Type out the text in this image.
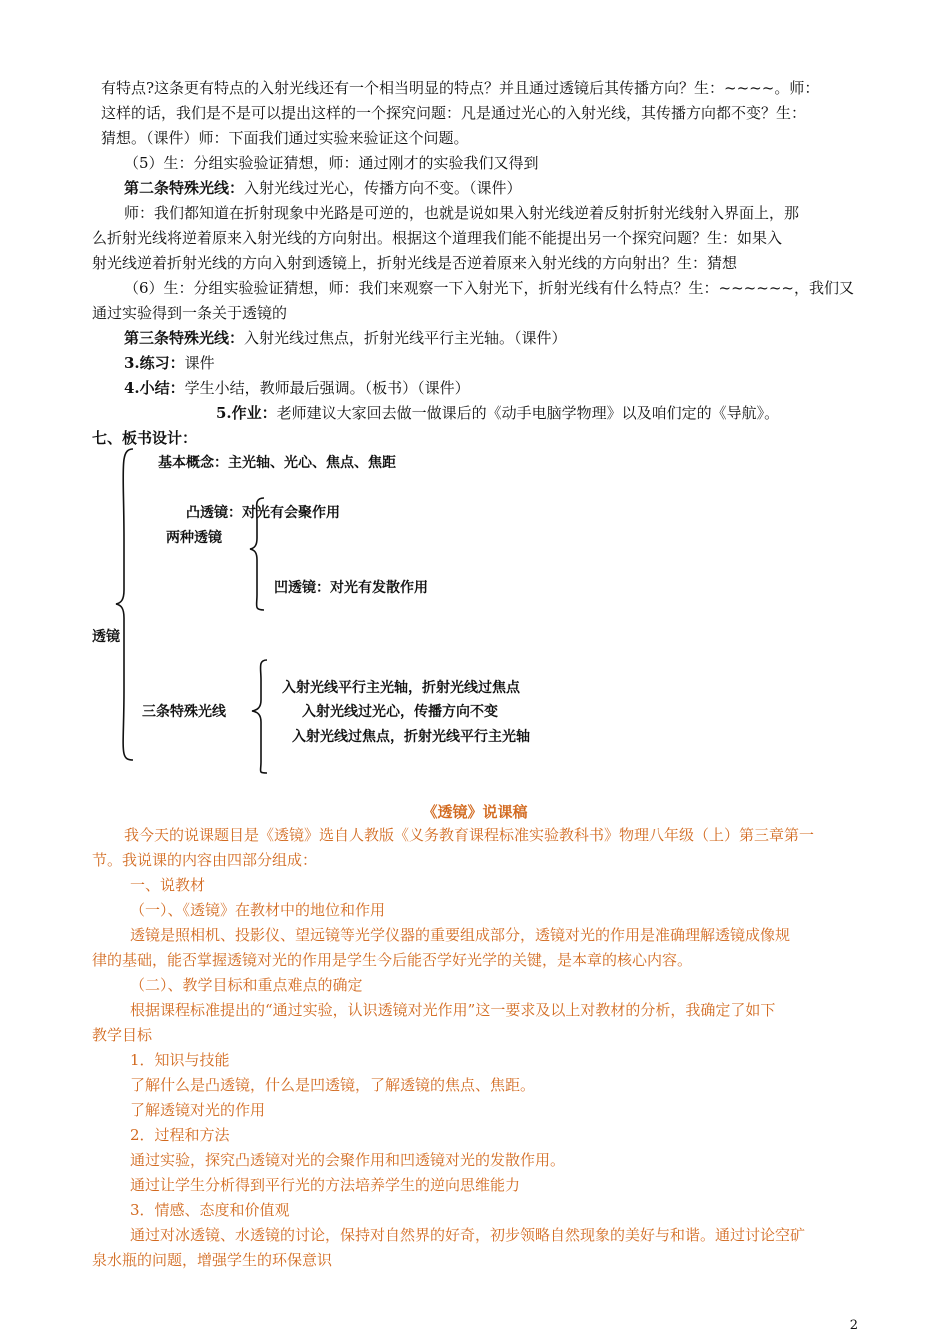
有特点?这条更有特点的入射光线还有一个相当明显的特点？并且通过透镜后其传播方向？生：~~~~。师：
这样的话，我们是不是可以提出这样的一个探究问题：凡是通过光心的入射光线，其传播方向都不变？生：
猜想。（课件）师：下面我们通过实验来验证这个问题。
（5）生：分组实验验证猜想，师：通过刚才的实验我们又得到
第二条特殊光线：入射光线过光心，传播方向不变。（课件）
师：我们都知道在折射现象中光路是可逆的，也就是说如果入射光线逆着反射折射光线射入界面上，那
么折射光线将逆着原来入射光线的方向射出。根据这个道理我们能不能提出另一个探究问题？生：如果入
射光线逆着折射光线的方向入射到透镜上，折射光线是否逆着原来入射光线的方向射出？生：猜想
（6）生：分组实验验证猜想，师：我们来观察一下入射光下，折射光线有什么特点？生：~~~~~~，我们又
通过实验得到一条关于透镜的
第三条特殊光线：入射光线过焦点，折射光线平行主光轴。（课件）
3.练习：课件
4.小结：学生小结，教师最后强调。（板书）（课件）
5.作业：老师建议大家回去做一做课后的《动手电脑学物理》以及咱们定的《导航》。
七、板书设计：
透镜
基本概念：主光轴、光心、焦点、焦距
凸透镜：对光有会聚作用
两种透镜
凹透镜：对光有发散作用
入射光线平行主光轴，折射光线过焦点
三条特殊光线	入射光线过光心，传播方向不变
入射光线过焦点，折射光线平行主光轴
《透镜》说课稿
我今天的说课题目是《透镜》选自人教版《义务教育课程标准实验教科书》物理八年级（上）第三章第一
节。我说课的内容由四部分组成：
一、说教材
（一）、《透镜》在教材中的地位和作用
透镜是照相机、投影仪、望远镜等光学仪器的重要组成部分，透镜对光的作用是准确理解透镜成像规
律的基础，能否掌握透镜对光的作用是学生今后能否学好光学的关键，是本章的核心内容。
（二）、教学目标和重点难点的确定
根据课程标准提出的“通过实验，认识透镜对光作用”这一要求及以上对教材的分析，我确定了如下
教学目标
1．知识与技能
了解什么是凸透镜，什么是凹透镜，了解透镜的焦点、焦距。
了解透镜对光的作用
2．过程和方法
通过实验，探究凸透镜对光的会聚作用和凹透镜对光的发散作用。
通过让学生分析得到平行光的方法培养学生的逆向思维能力
3．情感、态度和价值观
通过对冰透镜、水透镜的讨论，保持对自然界的好奇，初步领略自然现象的美好与和谐。通过讨论空矿
泉水瓶的问题，增强学生的环保意识
2
